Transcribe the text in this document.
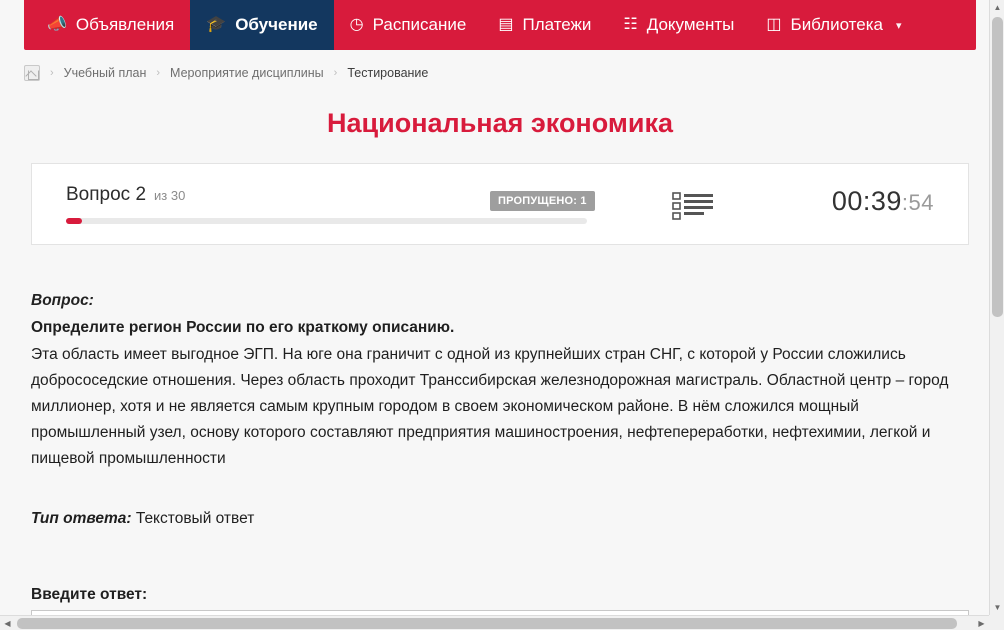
📣 Объявления 🎓 Обучение ◷ Расписание ▤ Платежи ☷ Документы ◫ Библиотека ▾
› Учебный план › Мероприятие дисциплины › Тестирование
Национальная экономика
Вопрос 2 из 30	ПРОПУЩЕНО: 1	00:39:54
Вопрос:
Определите регион России по его краткому описанию.
Эта область имеет выгодное ЭГП. На юге она граничит с одной из крупнейших стран СНГ, с которой у России сложились добрососедские отношения. Через область проходит Транссибирская железнодорожная магистраль. Областной центр – город миллионер, хотя и не является самым крупным городом в своем экономическом районе. В нём сложился мощный промышленный узел, основу которого составляют предприятия машиностроения, нефтепереработки, нефтехимии, легкой и пищевой промышленности
Тип ответа: Текстовый ответ
Введите ответ:
▲
▼
◀	▶
